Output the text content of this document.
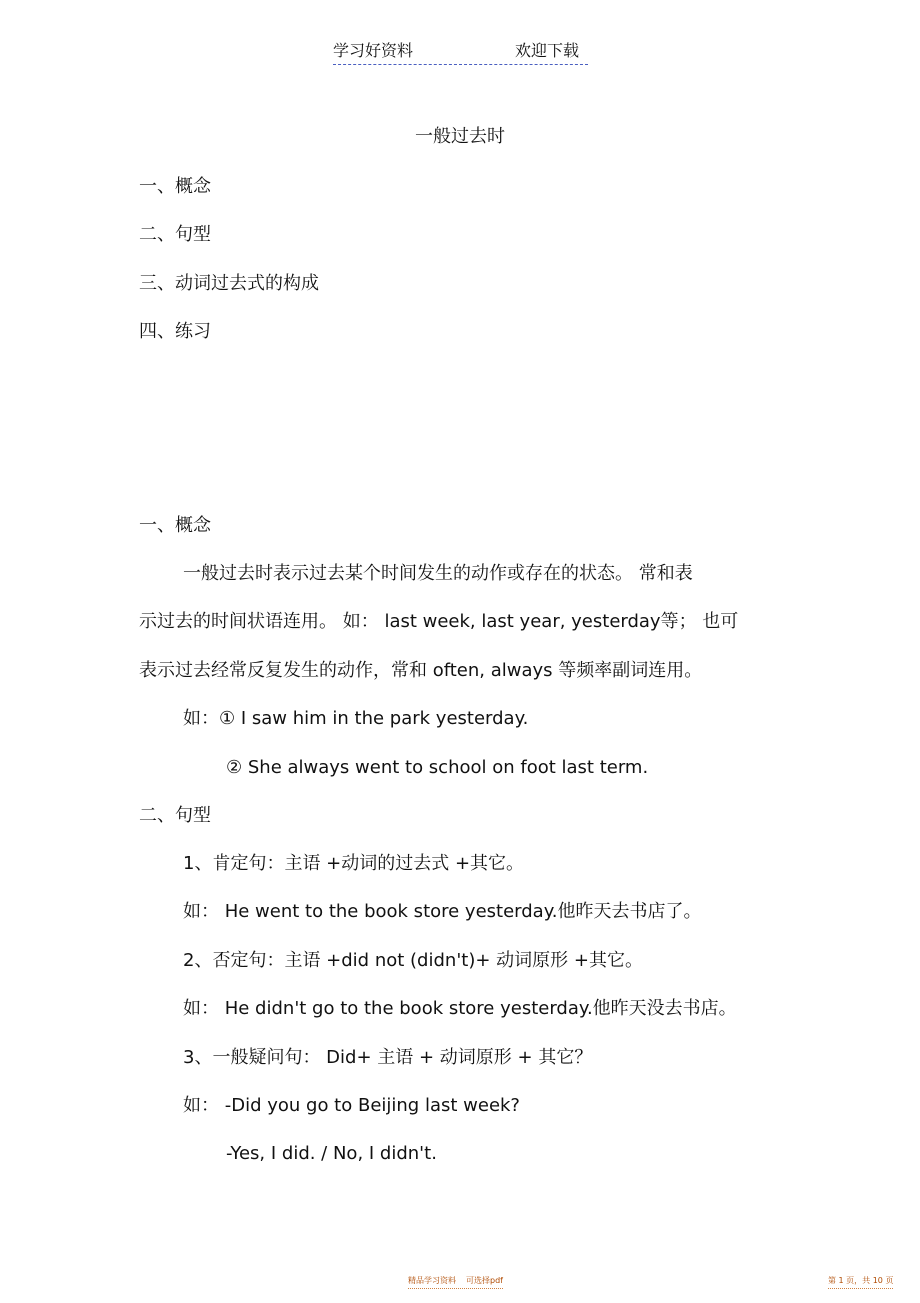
学习好资料	欢迎下载
一般过去时
一、概念
二、句型
三、动词过去式的构成
四、练习
一、概念
一般过去时表示过去某个时间发生的动作或存在的状态。 常和表
示过去的时间状语连用。 如： last week, last year, yesterday等； 也可
表示过去经常反复发生的动作，常和 often, always 等频率副词连用。
如：① I saw him in the park yesterday.
② She always went to school on foot last term.
二、句型
1、肯定句：主语 +动词的过去式 +其它。
如： He went to the book store yesterday.他昨天去书店了。
2、否定句：主语 +did not (didn't)+ 动词原形 +其它。
如： He didn't go to the book store yesterday.他昨天没去书店。
3、一般疑问句： Did+ 主语 + 动词原形 + 其它？
如： -Did you go to Beijing last week?
-Yes, I did. / No, I didn't.
精品学习资料 可选择pdf	第 1 页，共 10 页
